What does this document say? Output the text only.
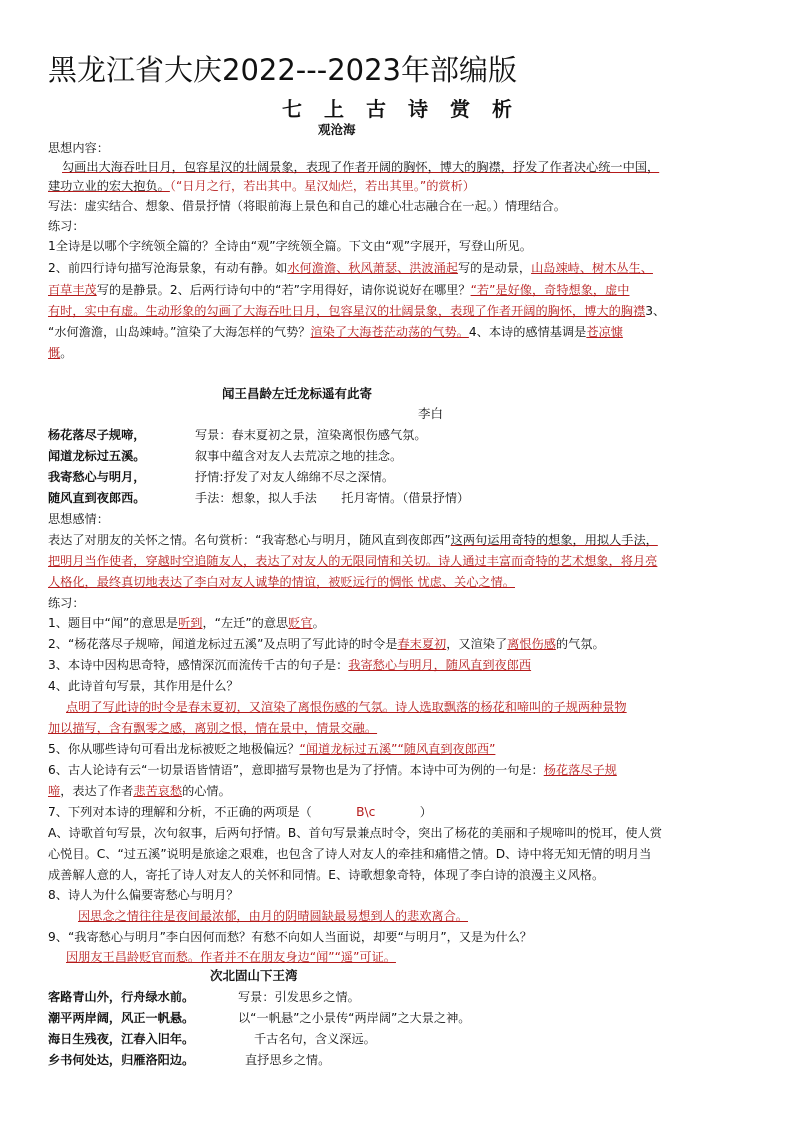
黑龙江省大庆2022---2023年部编版
七上古诗赏析
观沧海
思想内容：
勾画出大海吞吐日月，包容星汉的壮阔景象，表现了作者开阔的胸怀，博大的胸襟，抒发了作者决心统一中国，
建功立业的宏大抱负。（“日月之行，若出其中。星汉灿烂，若出其里。”的赏析）
写法：虚实结合、想象、借景抒情（将眼前海上景色和自己的雄心壮志融合在一起。）情理结合。
练习：
1全诗是以哪个字统领全篇的？全诗由“观”字统领全篇。下文由“观”字展开，写登山所见。
2、前四行诗句描写沧海景象，有动有静。如水何澹澹、秋风萧瑟、洪波涌起写的是动景，山岛竦峙、树木丛生、
百草丰茂写的是静景。2、后两行诗句中的“若”字用得好，请你说说好在哪里？“若”是好像，奇特想象，虚中
有时，实中有虚。生动形象的勾画了大海吞吐日月，包容星汉的壮阔景象，表现了作者开阔的胸怀，博大的胸襟3、
“水何澹澹，山岛竦峙。”渲染了大海怎样的气势？渲染了大海苍茫动荡的气势。4、本诗的感情基调是苍凉慷
慨。
闻王昌龄左迁龙标遥有此寄
李白
杨花落尽子规啼，	写景：春末夏初之景，渲染离恨伤感气氛。
闻道龙标过五溪。	叙事中蕴含对友人去荒凉之地的挂念。
我寄愁心与明月，	抒情:抒发了对友人绵绵不尽之深情。
随风直到夜郎西。	手法：想象，拟人手法　　托月寄情。（借景抒情）
思想感情：
表达了对朋友的关怀之情。名句赏析：“我寄愁心与明月，随风直到夜郎西”这两句运用奇特的想象，用拟人手法，
把明月当作使者，穿越时空追随友人，表达了对友人的无限同情和关切。诗人通过丰富而奇特的艺术想象，将月亮
人格化，最终真切地表达了李白对友人诚挚的情谊，被贬远行的惆怅 忧虑、关心之情。
练习：
1、题目中“闻”的意思是听到，“左迁”的意思贬官。
2、“杨花落尽子规啼，闻道龙标过五溪”及点明了写此诗的时令是春末夏初，又渲染了离恨伤感的气氛。
3、本诗中因构思奇特，感情深沉而流传千古的句子是：我寄愁心与明月，随风直到夜郎西
4、此诗首句写景，其作用是什么？
点明了写此诗的时令是春末夏初，又渲染了离恨伤感的气氛。诗人选取飘落的杨花和啼叫的子规两种景物
加以描写，含有飘零之感，离别之恨，情在景中，情景交融。
5、你从哪些诗句可看出龙标被贬之地极偏远？“闻道龙标过五溪”“随风直到夜郎西”
6、古人论诗有云“一切景语皆情语”，意即描写景物也是为了抒情。本诗中可为例的一句是：杨花落尽子规
啼，表达了作者悲苦哀愁的心情。
7、下列对本诗的理解和分析，不正确的两项是（	B\c	）
A、诗歌首句写景，次句叙事，后两句抒情。B、首句写景兼点时令，突出了杨花的美丽和子规啼叫的悦耳，使人赏
心悦目。C、“过五溪”说明是旅途之艰难，也包含了诗人对友人的牵挂和痛惜之情。D、诗中将无知无情的明月当
成善解人意的人，寄托了诗人对友人的关怀和同情。E、诗歌想象奇特，体现了李白诗的浪漫主义风格。
8、诗人为什么偏要寄愁心与明月？
因思念之情往往是夜间最浓郁，由月的阴晴圆缺最易想到人的悲欢离合。
9、“我寄愁心与明月”李白因何而愁？有愁不向如人当面说，却要“与明月”，又是为什么？
因朋友王昌龄贬官而愁。作者并不在朋友身边“闻”“遥”可证。
次北固山下王湾
客路青山外，行舟绿水前。	写景：引发思乡之情。
潮平两岸阔，风正一帆悬。	以“一帆悬”之小景传“两岸阔”之大景之神。
海日生残夜，江春入旧年。	千古名句，含义深远。
乡书何处达，归雁洛阳边。	直抒思乡之情。
